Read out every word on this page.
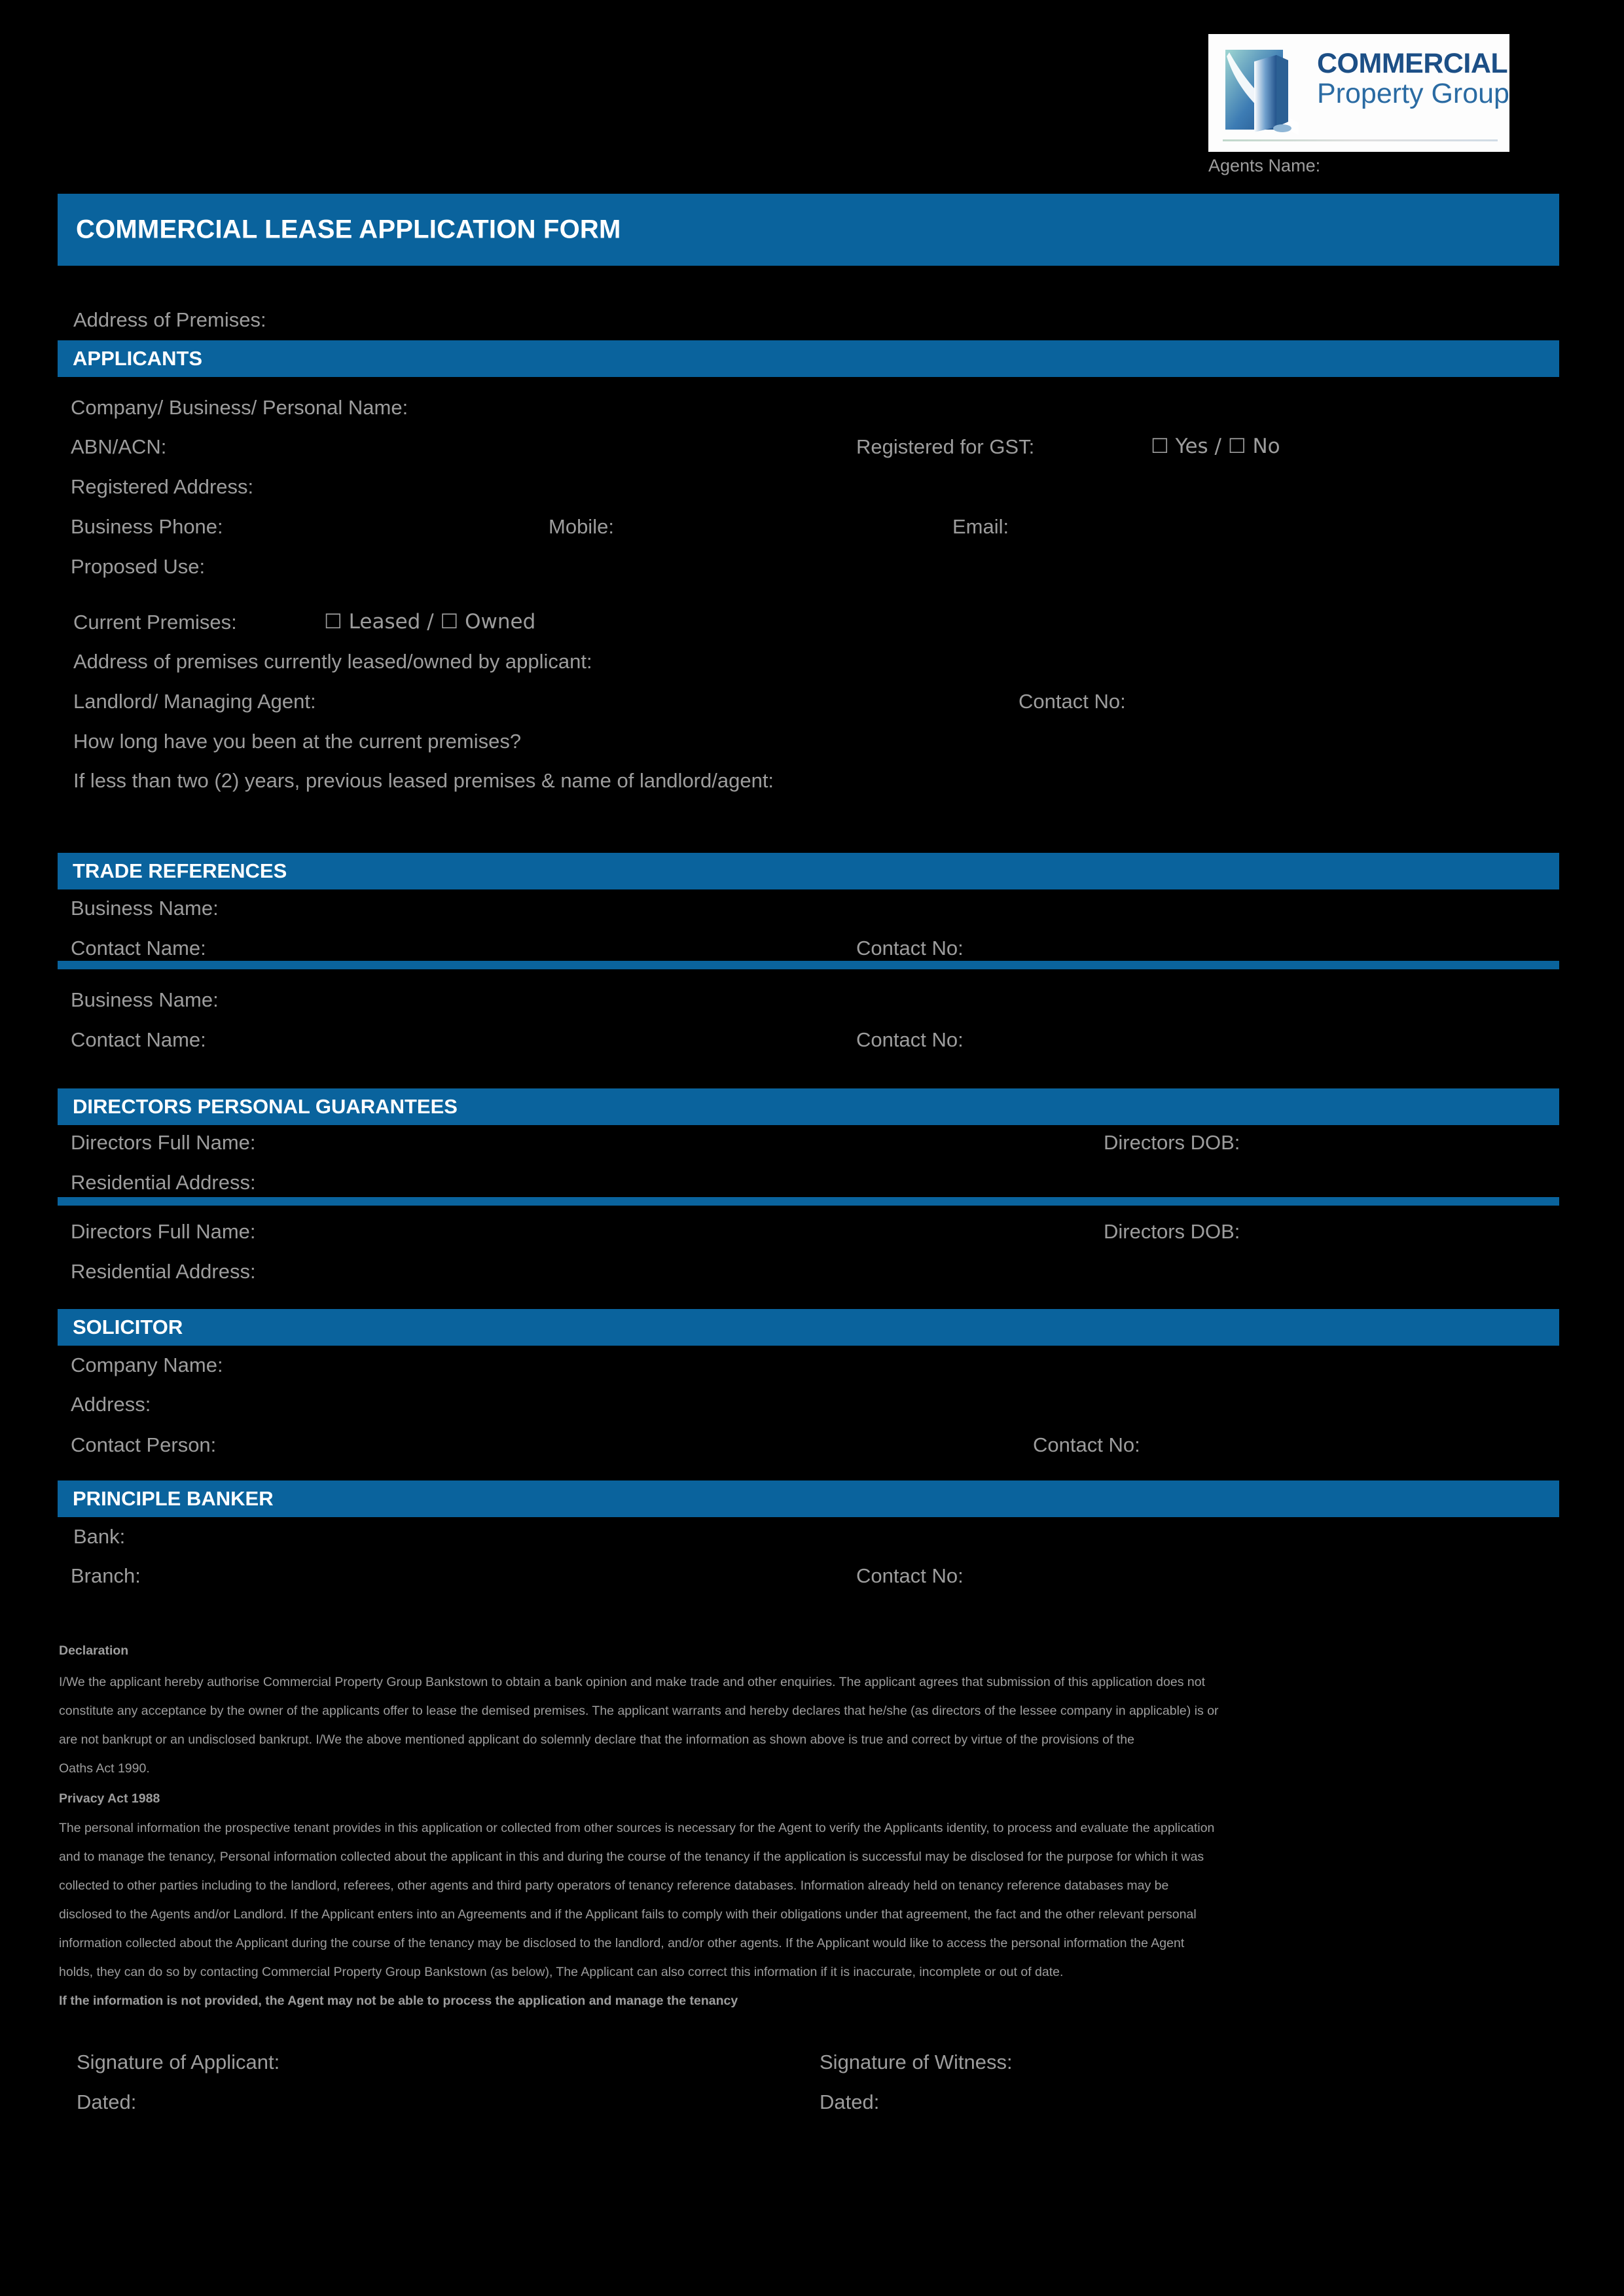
COMMERCIAL
Property Group
Agents Name:
COMMERCIAL LEASE APPLICATION FORM
Address of Premises:
APPLICANTS
Company/ Business/ Personal Name:
ABN/ACN:	Registered for GST:	☐ Yes / ☐ No
Registered Address:
Business Phone:	Mobile:	Email:
Proposed Use:
Current Premises:	☐ Leased / ☐ Owned
Address of premises currently leased/owned by applicant:
Landlord/ Managing Agent:	Contact No:
How long have you been at the current premises?
If less than two (2) years, previous leased premises & name of landlord/agent:
TRADE REFERENCES
Business Name:
Contact Name:	Contact No:
Business Name:
Contact Name:	Contact No:
DIRECTORS PERSONAL GUARANTEES
Directors Full Name:	Directors DOB:
Residential Address:
Directors Full Name:	Directors DOB:
Residential Address:
SOLICITOR
Company Name:
Address:
Contact Person:	Contact No:
PRINCIPLE BANKER
Bank:
Branch:	Contact No:
Declaration
I/We the applicant hereby authorise Commercial Property Group Bankstown to obtain a bank opinion and make trade and other enquiries. The applicant agrees that submission of this application does not
constitute any acceptance by the owner of the applicants offer to lease the demised premises. The applicant warrants and hereby declares that he/she (as directors of the lessee company in applicable) is or
are not bankrupt or an undisclosed bankrupt. I/We the above mentioned applicant do solemnly declare that the information as shown above is true and correct by virtue of the provisions of the
Oaths Act 1990.
Privacy Act 1988
The personal information the prospective tenant provides in this application or collected from other sources is necessary for the Agent to verify the Applicants identity, to process and evaluate the application
and to manage the tenancy, Personal information collected about the applicant in this and during the course of the tenancy if the application is successful may be disclosed for the purpose for which it was
collected to other parties including to the landlord, referees, other agents and third party operators of tenancy reference databases. Information already held on tenancy reference databases may be
disclosed to the Agents and/or Landlord. If the Applicant enters into an Agreements and if the Applicant fails to comply with their obligations under that agreement, the fact and the other relevant personal
information collected about the Applicant during the course of the tenancy may be disclosed to the landlord, and/or other agents. If the Applicant would like to access the personal information the Agent
holds, they can do so by contacting Commercial Property Group Bankstown (as below), The Applicant can also correct this information if it is inaccurate, incomplete or out of date.
If the information is not provided, the Agent may not be able to process the application and manage the tenancy
Signature of Applicant:	Signature of Witness:
Dated:	Dated:
